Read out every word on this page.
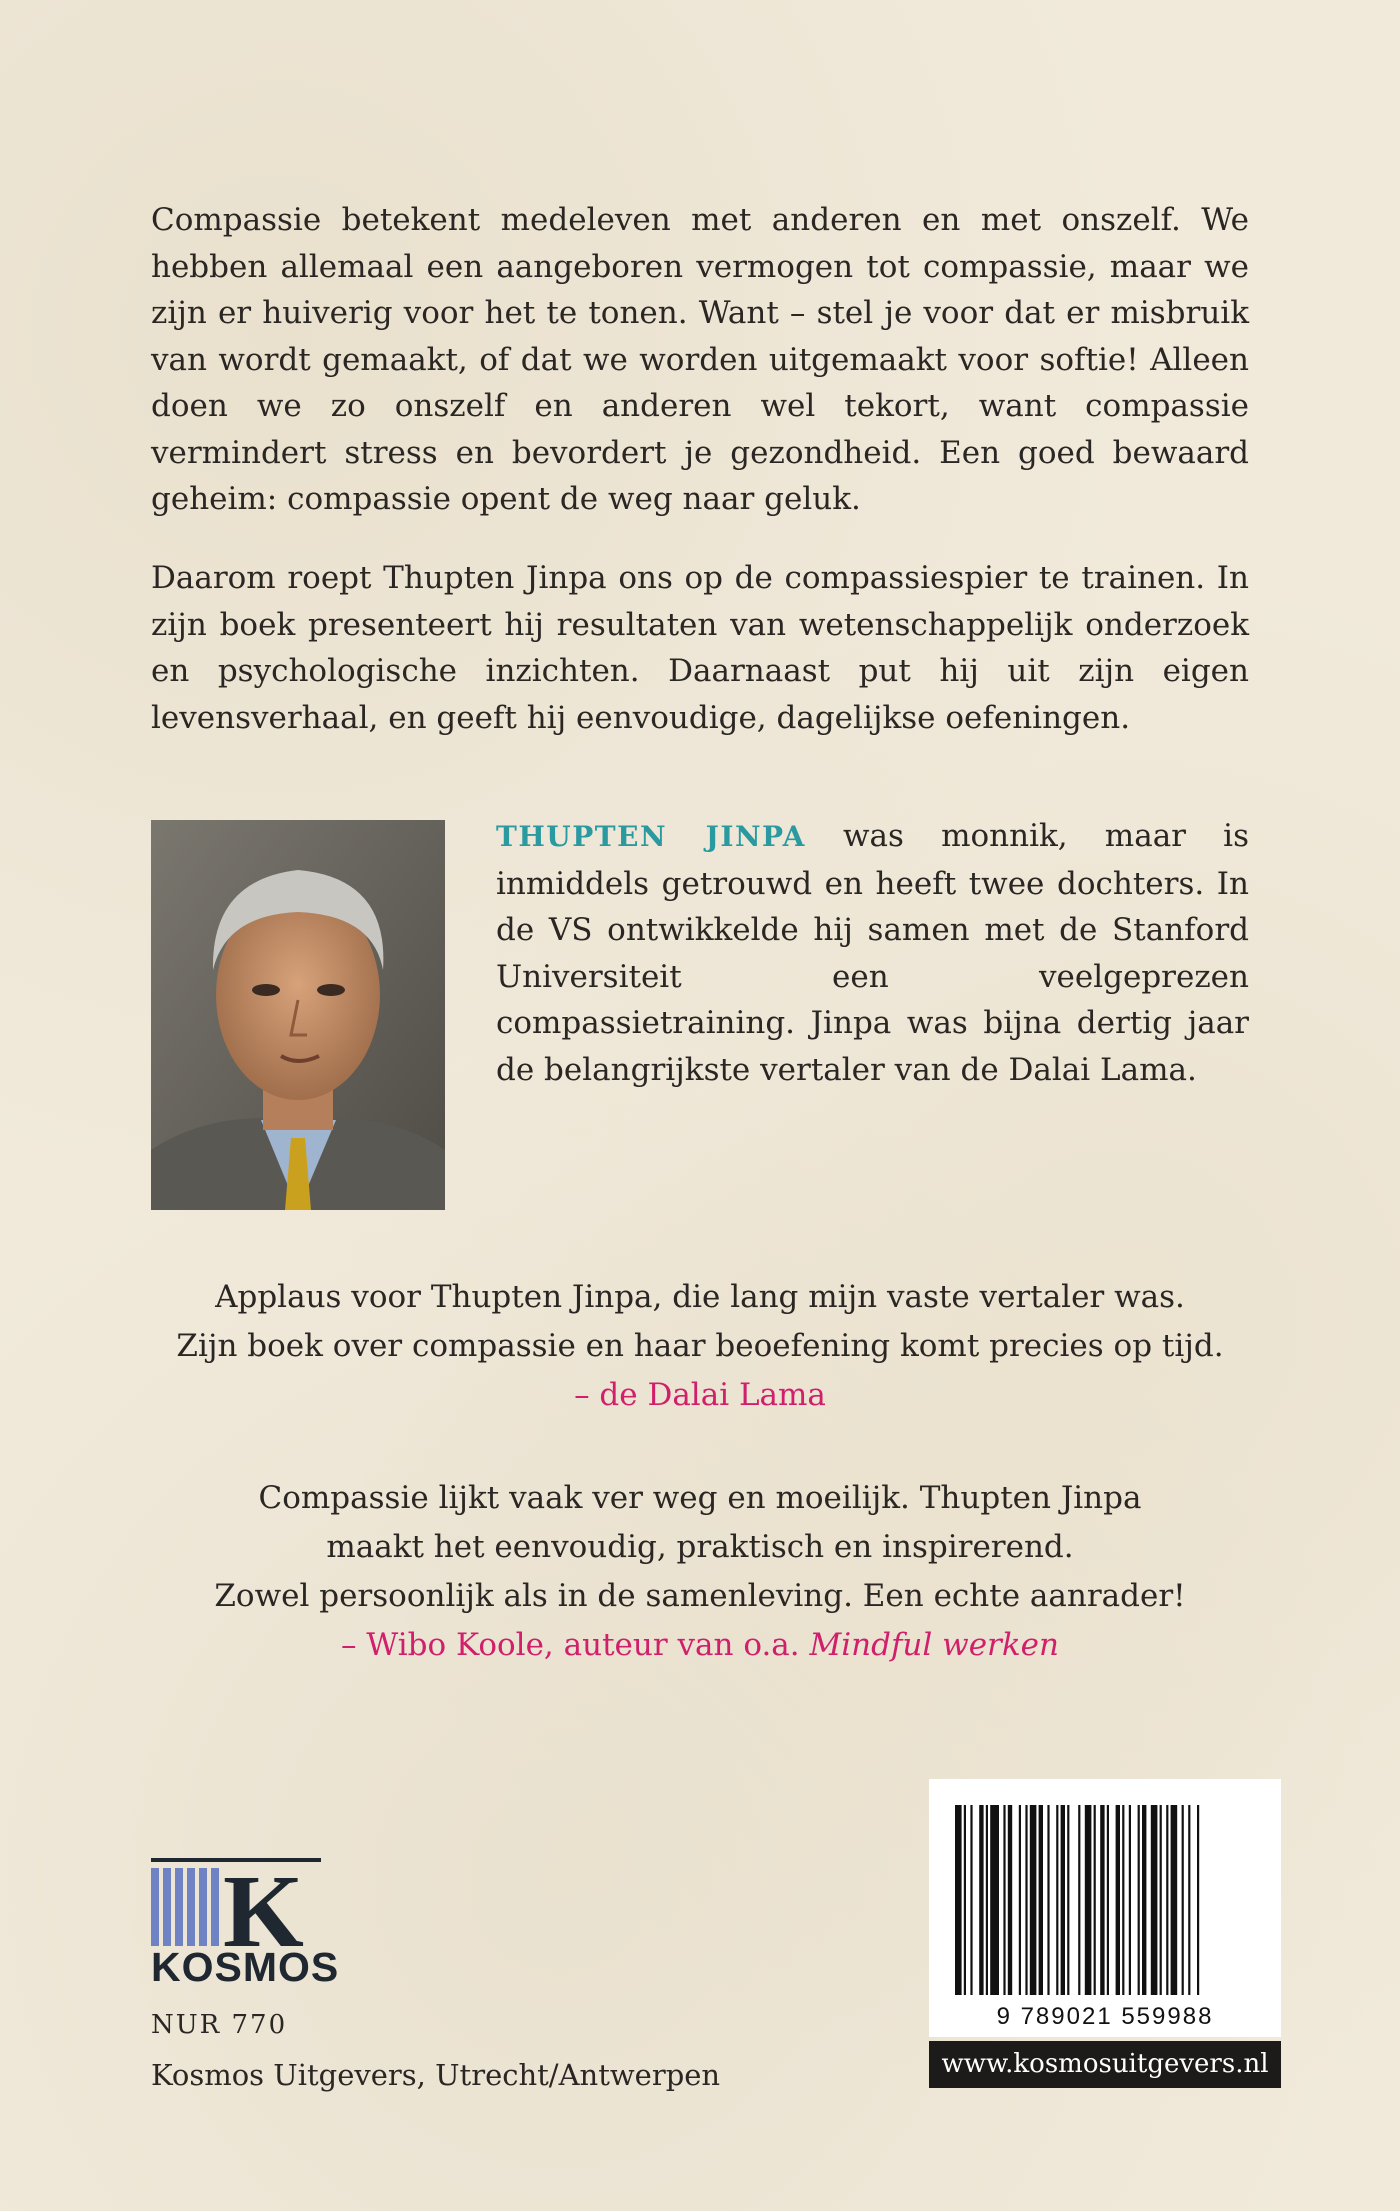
Compassie betekent medeleven met anderen en met onszelf. We hebben allemaal een aangeboren vermogen tot compassie, maar we zijn er huiverig voor het te tonen. Want – stel je voor dat er misbruik van wordt gemaakt, of dat we worden uitgemaakt voor softie! Alleen doen we zo onszelf en anderen wel tekort, want compassie vermindert stress en bevordert je gezondheid. Een goed bewaard geheim: compassie opent de weg naar geluk.

Daarom roept Thupten Jinpa ons op de compassiespier te trainen. In zijn boek presenteert hij resultaten van wetenschappelijk onderzoek en psychologische inzichten. Daarnaast put hij uit zijn eigen levensverhaal, en geeft hij eenvoudige, dagelijkse oefeningen.

THUPTEN JINPA was monnik, maar is inmiddels getrouwd en heeft twee dochters. In de VS ontwikkelde hij samen met de Stanford Universiteit een veelgeprezen compassietraining. Jinpa was bijna dertig jaar de belangrijkste vertaler van de Dalai Lama.

Applaus voor Thupten Jinpa, die lang mijn vaste vertaler was.
Zijn boek over compassie en haar beoefening komt precies op tijd.
– de Dalai Lama

Compassie lijkt vaak ver weg en moeilijk. Thupten Jinpa
maakt het eenvoudig, praktisch en inspirerend.
Zowel persoonlijk als in de samenleving. Een echte aanrader!
– Wibo Koole, auteur van o.a. Mindful werken

K
KOSMOS
NUR 770
Kosmos Uitgevers, Utrecht/Antwerpen
9 789021 559988
www.kosmosuitgevers.nl
